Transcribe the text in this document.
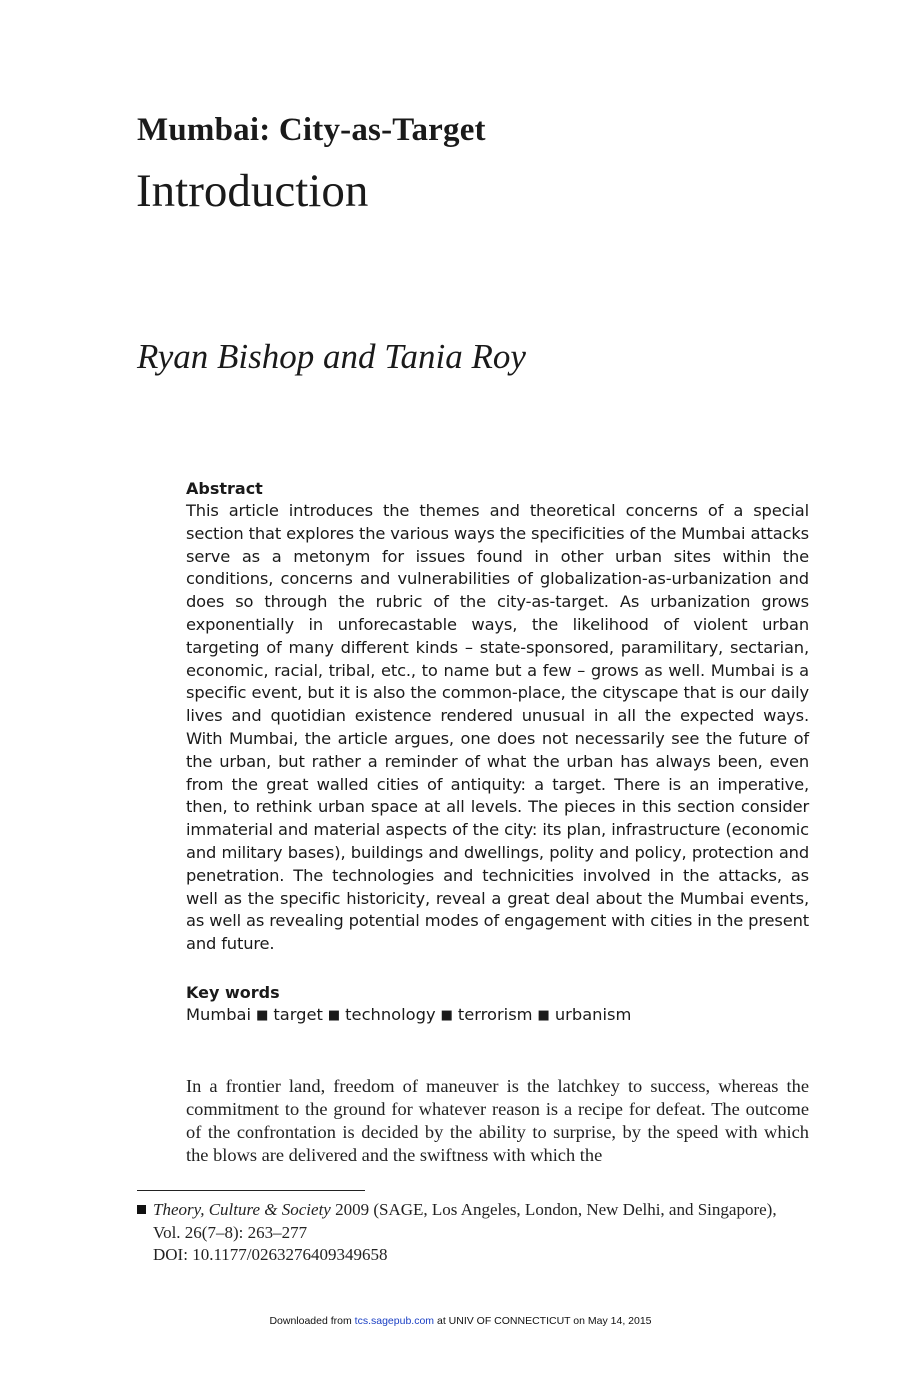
Mumbai: City-as-Target
Introduction

Ryan Bishop and Tania Roy

Abstract

This article introduces the themes and theoretical concerns of a special section that explores the various ways the specificities of the Mumbai attacks serve as a metonym for issues found in other urban sites within the conditions, concerns and vulnerabilities of globalization-as-urbanization and does so through the rubric of the city-as-target. As urbanization grows exponentially in unforecastable ways, the likelihood of violent urban targeting of many different kinds – state-sponsored, paramilitary, sectarian, economic, racial, tribal, etc., to name but a few – grows as well. Mumbai is a specific event, but it is also the common-place, the cityscape that is our daily lives and quotidian existence rendered unusual in all the expected ways. With Mumbai, the article argues, one does not necessarily see the future of the urban, but rather a reminder of what the urban has always been, even from the great walled cities of antiquity: a target. There is an imperative, then, to rethink urban space at all levels. The pieces in this section consider immaterial and material aspects of the city: its plan, infrastructure (economic and military bases), buildings and dwellings, polity and policy, protection and penetration. The technologies and technicities involved in the attacks, as well as the specific historicity, reveal a great deal about the Mumbai events, as well as revealing potential modes of engagement with cities in the present and future.

Key words

Mumbai ■ target ■ technology ■ terrorism ■ urbanism

In a frontier land, freedom of maneuver is the latchkey to success, whereas the commitment to the ground for whatever reason is a recipe for defeat. The outcome of the confrontation is decided by the ability to surprise, by the speed with which the blows are delivered and the swiftness with which the

Theory, Culture & Society 2009 (SAGE, Los Angeles, London, New Delhi, and Singapore),

Vol. 26(7–8): 263–277

DOI: 10.1177/0263276409349658

Downloaded from tcs.sagepub.com at UNIV OF CONNECTICUT on May 14, 2015
